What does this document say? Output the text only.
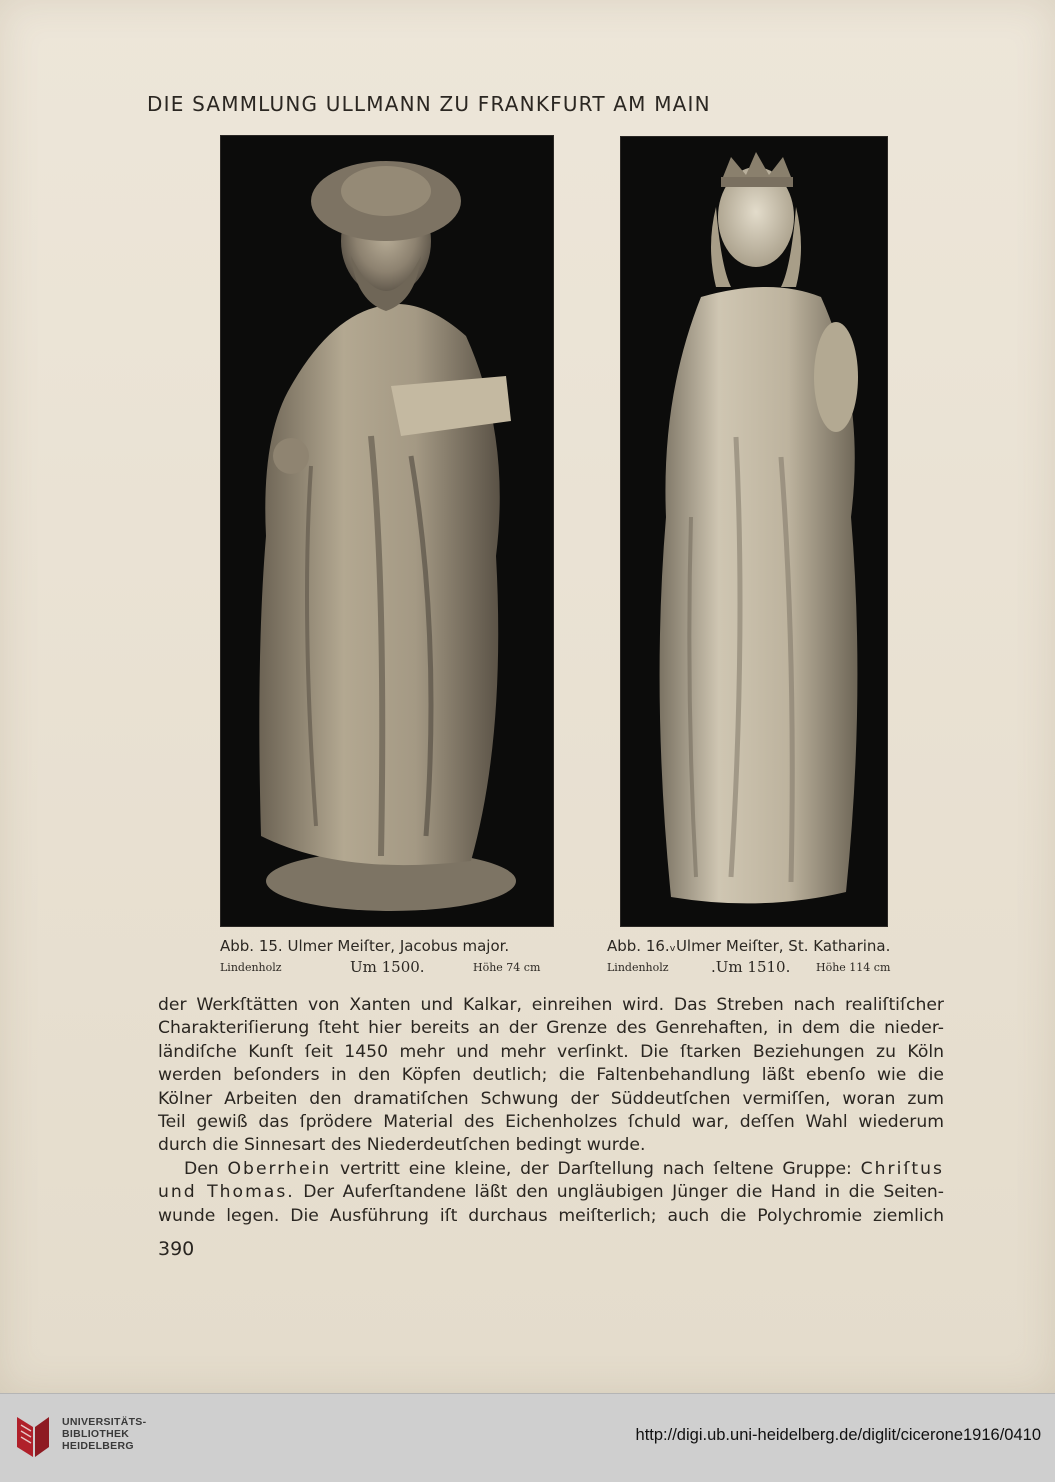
DIE SAMMLUNG ULLMANN ZU FRANKFURT AM MAIN
Abb. 15. Ulmer Meiſter, Jacobus major.
Lindenholz	Um 1500.	Höhe 74 cm
Abb. 16.ᵥUlmer Meiſter, St. Katharina.
Lindenholz	.Um 1510. Höhe 114 cm

der Werkſtätten von Xanten und Kalkar, einreihen wird. Das Streben nach realiſtiſcher

Charakteriſierung ſteht hier bereits an der Grenze des Genrehaften, in dem die nieder-

ländiſche Kunſt ſeit 1450 mehr und mehr verſinkt. Die ſtarken Beziehungen zu Köln

werden beſonders in den Köpfen deutlich; die Faltenbehandlung läßt ebenſo wie die

Kölner Arbeiten den dramatiſchen Schwung der Süddeutſchen vermiſſen, woran zum

Teil gewiß das ſprödere Material des Eichenholzes ſchuld war, deſſen Wahl wiederum

durch die Sinnesart des Niederdeutſchen bedingt wurde.

Den Oberrhein vertritt eine kleine, der Darſtellung nach ſeltene Gruppe: Chriſtus

und Thomas. Der Auferſtandene läßt den ungläubigen Jünger die Hand in die Seiten-

wunde legen. Die Ausführung iſt durchaus meiſterlich; auch die Polychromie ziemlich

390
UNIVERSITÄTS-
BIBLIOTHEK
HEIDELBERG
http://digi.ub.uni-heidelberg.de/diglit/cicerone1916/0410
